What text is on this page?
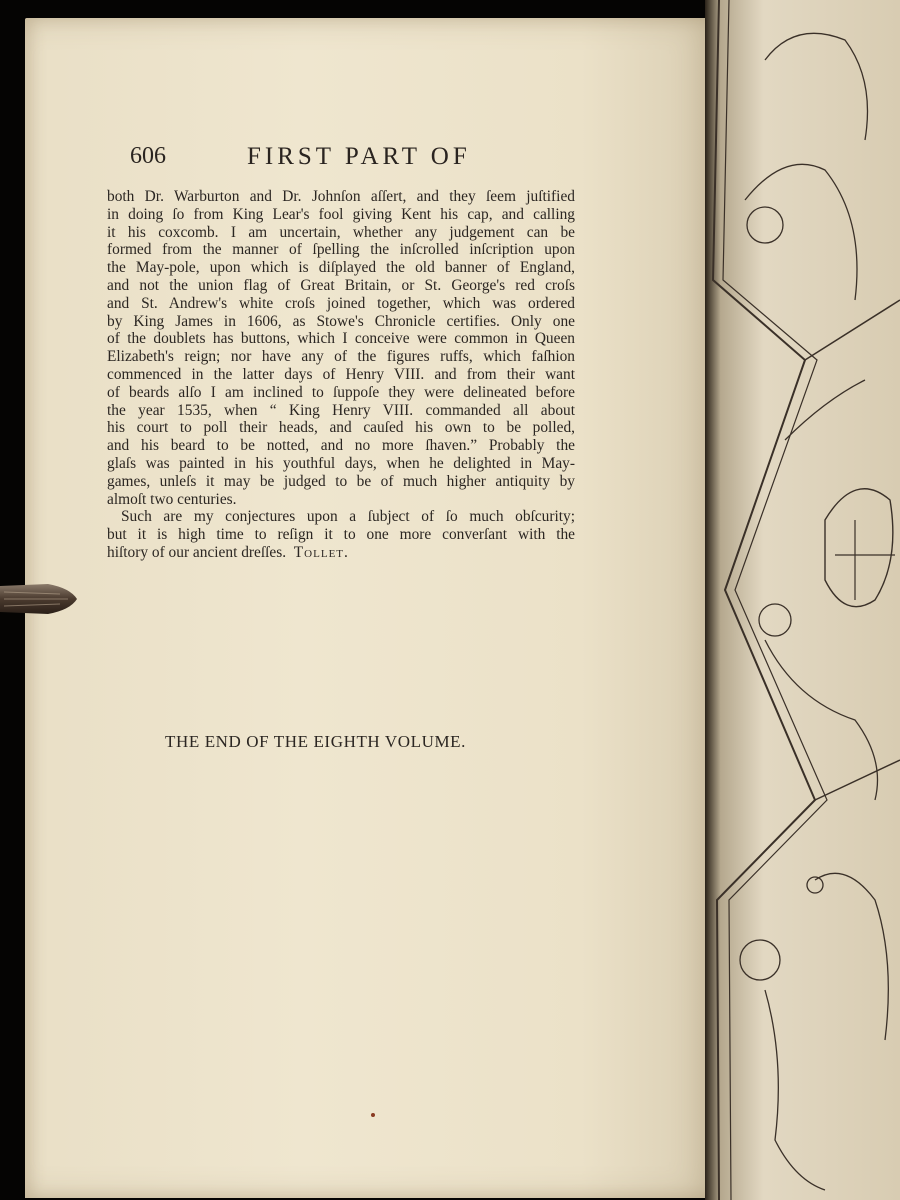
606	FIRST PART OF

both Dr. Warburton and Dr. Johnſon aſſert, and they ſeem juſtified
in doing ſo from King Lear's fool giving Kent his cap, and calling
it his coxcomb. I am uncertain, whether any judgement can be
formed from the manner of ſpelling the inſcrolled inſcription upon
the May-pole, upon which is diſplayed the old banner of England,
and not the union flag of Great Britain, or St. George's red croſs
and St. Andrew's white croſs joined together, which was ordered
by King James in 1606, as Stowe's Chronicle certifies. Only one
of the doublets has buttons, which I conceive were common in Queen
Elizabeth's reign; nor have any of the figures ruffs, which faſhion
commenced in the latter days of Henry VIII. and from their want
of beards alſo I am inclined to ſuppoſe they were delineated before
the year 1535, when “ King Henry VIII. commanded all about
his court to poll their heads, and cauſed his own to be polled,
and his beard to be notted, and no more ſhaven.” Probably the
glaſs was painted in his youthful days, when he delighted in May-
games, unleſs it may be judged to be of much higher antiquity by
almoſt two centuries.

Such are my conjectures upon a ſubject of ſo much obſcurity;
but it is high time to reſign it to one more converſant with the
hiſtory of our ancient dreſſes. Tollet.

THE END OF THE EIGHTH VOLUME.
